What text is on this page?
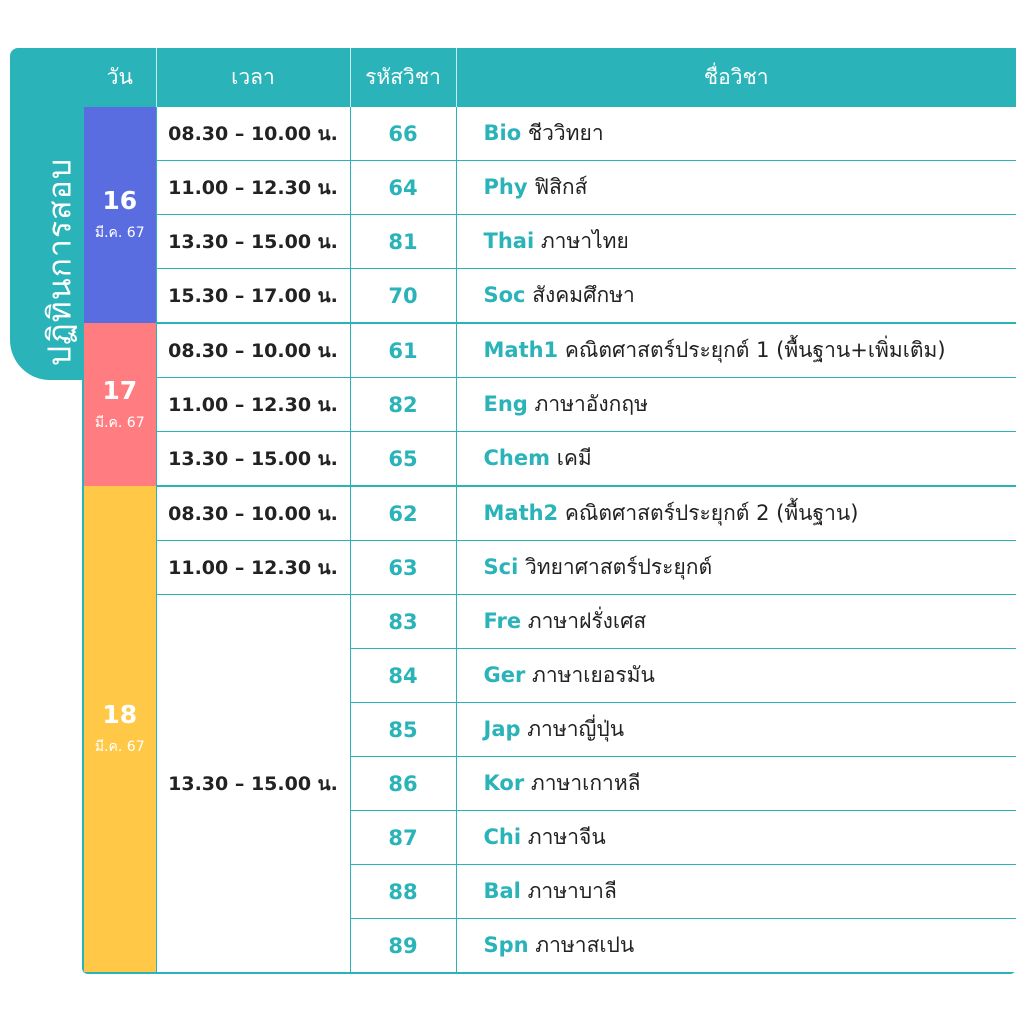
ปฏิทินการสอบ
วัน	เวลา	รหัสวิชา	ชื่อวิชา

16
มี.ค. 67	08.30 – 10.00 น.	66	Bio ชีววิทยา
	11.00 – 12.30 น.	64	Phy ฟิสิกส์
	13.30 – 15.00 น.	81	Thai ภาษาไทย
	15.30 – 17.00 น.	70	Soc สังคมศึกษา

17
มี.ค. 67	08.30 – 10.00 น.	61	Math1 คณิตศาสตร์ประยุกต์ 1 (พื้นฐาน+เพิ่มเติม)
	11.00 – 12.30 น.	82	Eng ภาษาอังกฤษ
	13.30 – 15.00 น.	65	Chem เคมี

18
มี.ค. 67	08.30 – 10.00 น.	62	Math2 คณิตศาสตร์ประยุกต์ 2 (พื้นฐาน)
	11.00 – 12.30 น.	63	Sci วิทยาศาสตร์ประยุกต์
	13.30 – 15.00 น.	83	Fre ภาษาฝรั่งเศส
		84	Ger ภาษาเยอรมัน
		85	Jap ภาษาญี่ปุ่น
		86	Kor ภาษาเกาหลี
		87	Chi ภาษาจีน
		88	Bal ภาษาบาลี
		89	Spn ภาษาสเปน
